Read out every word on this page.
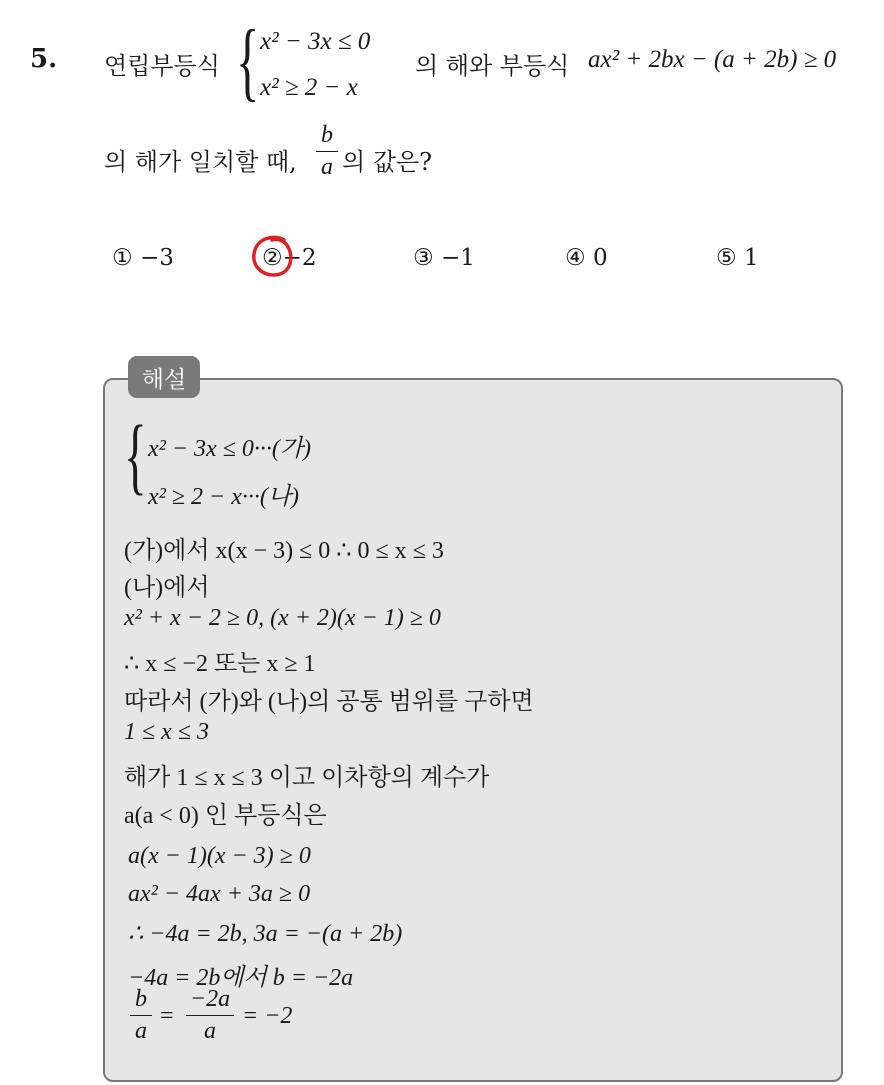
5. 연립부등식 { x² − 3x ≤ 0
x² ≥ 2 − x
의 해와 부등식 ax² + 2bx − (a + 2b) ≥ 0
의 해가 일치할 때,
b
a 의 값은?
① −3	②−2	③ −1	④ 0	⑤ 1
해설
{ x² − 3x ≤ 0···(가)
x² ≥ 2 − x···(나)
(가)에서 x(x − 3) ≤ 0 ∴ 0 ≤ x ≤ 3
(나)에서
x² + x − 2 ≥ 0, (x + 2)(x − 1) ≥ 0
∴ x ≤ −2 또는 x ≥ 1
따라서 (가)와 (나)의 공통 범위를 구하면
1 ≤ x ≤ 3
해가 1 ≤ x ≤ 3 이고 이차항의 계수가
a(a < 0) 인 부등식은
a(x − 1)(x − 3) ≥ 0
ax² − 4ax + 3a ≥ 0
∴ −4a = 2b, 3a = −(a + 2b)
−4a = 2b에서 b = −2a
b
a
=
−2a
a
= −2
